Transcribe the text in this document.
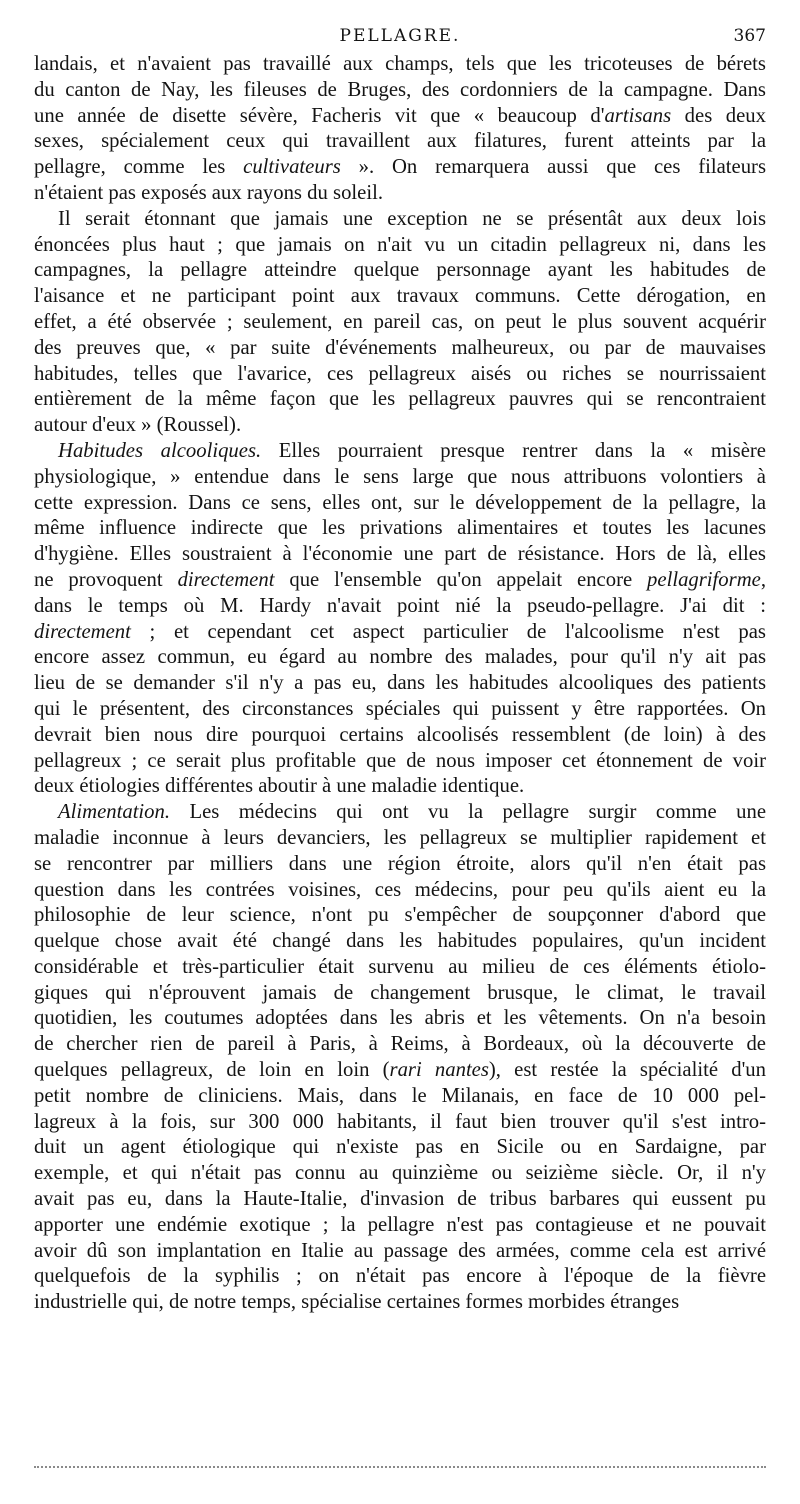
PELLAGRE.	367
landais, et n'avaient pas travaillé aux champs, tels que les tricoteuses de bérets
du canton de Nay, les fileuses de Bruges, des cordonniers de la campagne. Dans
une année de disette sévère, Facheris vit que « beaucoup d'artisans des deux
sexes, spécialement ceux qui travaillent aux filatures, furent atteints par la
pellagre, comme les cultivateurs ». On remarquera aussi que ces filateurs
n'étaient pas exposés aux rayons du soleil.
Il serait étonnant que jamais une exception ne se présentât aux deux lois
énoncées plus haut ; que jamais on n'ait vu un citadin pellagreux ni, dans les
campagnes, la pellagre atteindre quelque personnage ayant les habitudes de
l'aisance et ne participant point aux travaux communs. Cette dérogation, en
effet, a été observée ; seulement, en pareil cas, on peut le plus souvent acquérir
des preuves que, « par suite d'événements malheureux, ou par de mauvaises
habitudes, telles que l'avarice, ces pellagreux aisés ou riches se nourrissaient
entièrement de la même façon que les pellagreux pauvres qui se rencontraient
autour d'eux » (Roussel).
Habitudes alcooliques. Elles pourraient presque rentrer dans la « misère
physiologique, » entendue dans le sens large que nous attribuons volontiers à
cette expression. Dans ce sens, elles ont, sur le développement de la pellagre, la
même influence indirecte que les privations alimentaires et toutes les lacunes
d'hygiène. Elles soustraient à l'économie une part de résistance. Hors de là, elles
ne provoquent directement que l'ensemble qu'on appelait encore pellagriforme,
dans le temps où M. Hardy n'avait point nié la pseudo-pellagre. J'ai dit :
directement ; et cependant cet aspect particulier de l'alcoolisme n'est pas
encore assez commun, eu égard au nombre des malades, pour qu'il n'y ait pas
lieu de se demander s'il n'y a pas eu, dans les habitudes alcooliques des patients
qui le présentent, des circonstances spéciales qui puissent y être rapportées. On
devrait bien nous dire pourquoi certains alcoolisés ressemblent (de loin) à des
pellagreux ; ce serait plus profitable que de nous imposer cet étonnement de voir
deux étiologies différentes aboutir à une maladie identique.
Alimentation. Les médecins qui ont vu la pellagre surgir comme une
maladie inconnue à leurs devanciers, les pellagreux se multiplier rapidement et
se rencontrer par milliers dans une région étroite, alors qu'il n'en était pas
question dans les contrées voisines, ces médecins, pour peu qu'ils aient eu la
philosophie de leur science, n'ont pu s'empêcher de soupçonner d'abord que
quelque chose avait été changé dans les habitudes populaires, qu'un incident
considérable et très-particulier était survenu au milieu de ces éléments étiolo-
giques qui n'éprouvent jamais de changement brusque, le climat, le travail
quotidien, les coutumes adoptées dans les abris et les vêtements. On n'a besoin
de chercher rien de pareil à Paris, à Reims, à Bordeaux, où la découverte de
quelques pellagreux, de loin en loin (rari nantes), est restée la spécialité d'un
petit nombre de cliniciens. Mais, dans le Milanais, en face de 10 000 pel-
lagreux à la fois, sur 300 000 habitants, il faut bien trouver qu'il s'est intro-
duit un agent étiologique qui n'existe pas en Sicile ou en Sardaigne, par
exemple, et qui n'était pas connu au quinzième ou seizième siècle. Or, il n'y
avait pas eu, dans la Haute-Italie, d'invasion de tribus barbares qui eussent pu
apporter une endémie exotique ; la pellagre n'est pas contagieuse et ne pouvait
avoir dû son implantation en Italie au passage des armées, comme cela est arrivé
quelquefois de la syphilis ; on n'était pas encore à l'époque de la fièvre
industrielle qui, de notre temps, spécialise certaines formes morbides étranges
